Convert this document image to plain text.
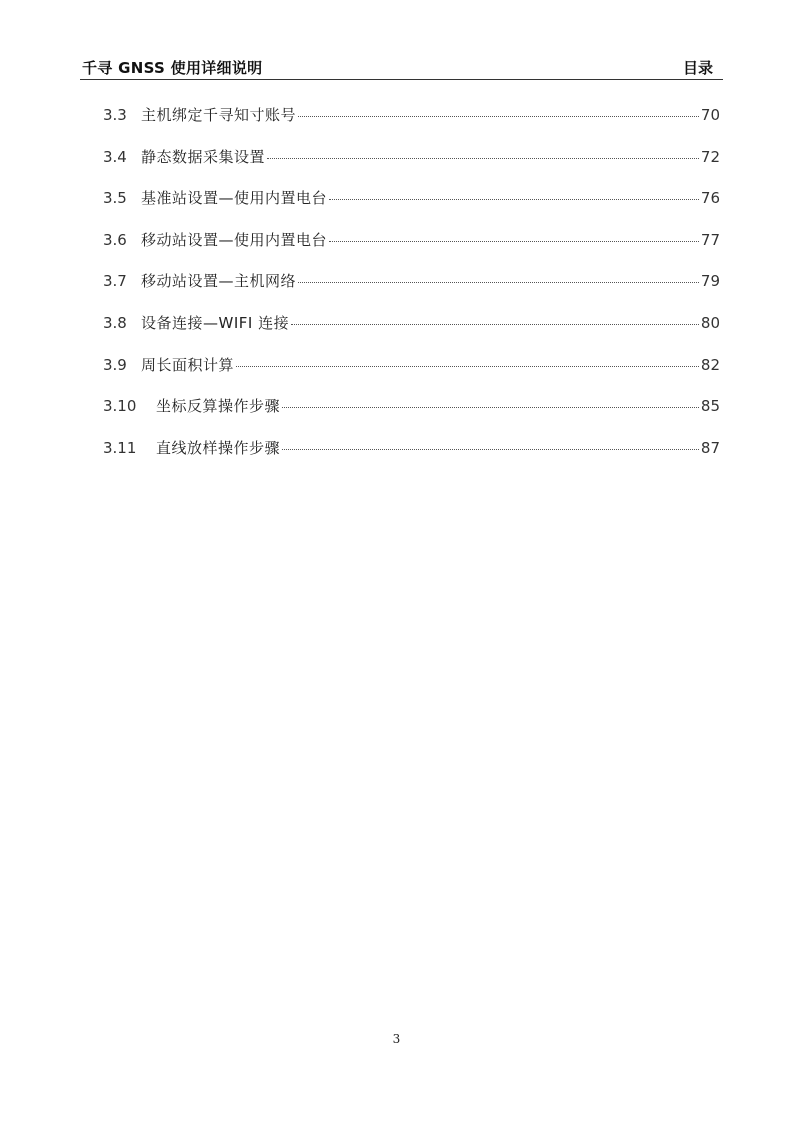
千寻 GNSS 使用详细说明	目录
3.3 主机绑定千寻知寸账号	70
3.4 静态数据采集设置	72
3.5 基准站设置—使用内置电台	76
3.6 移动站设置—使用内置电台	77
3.7 移动站设置—主机网络	79
3.8 设备连接—WIFI 连接	80
3.9 周长面积计算	82
3.10	坐标反算操作步骤	85
3.11	直线放样操作步骤	87
3
